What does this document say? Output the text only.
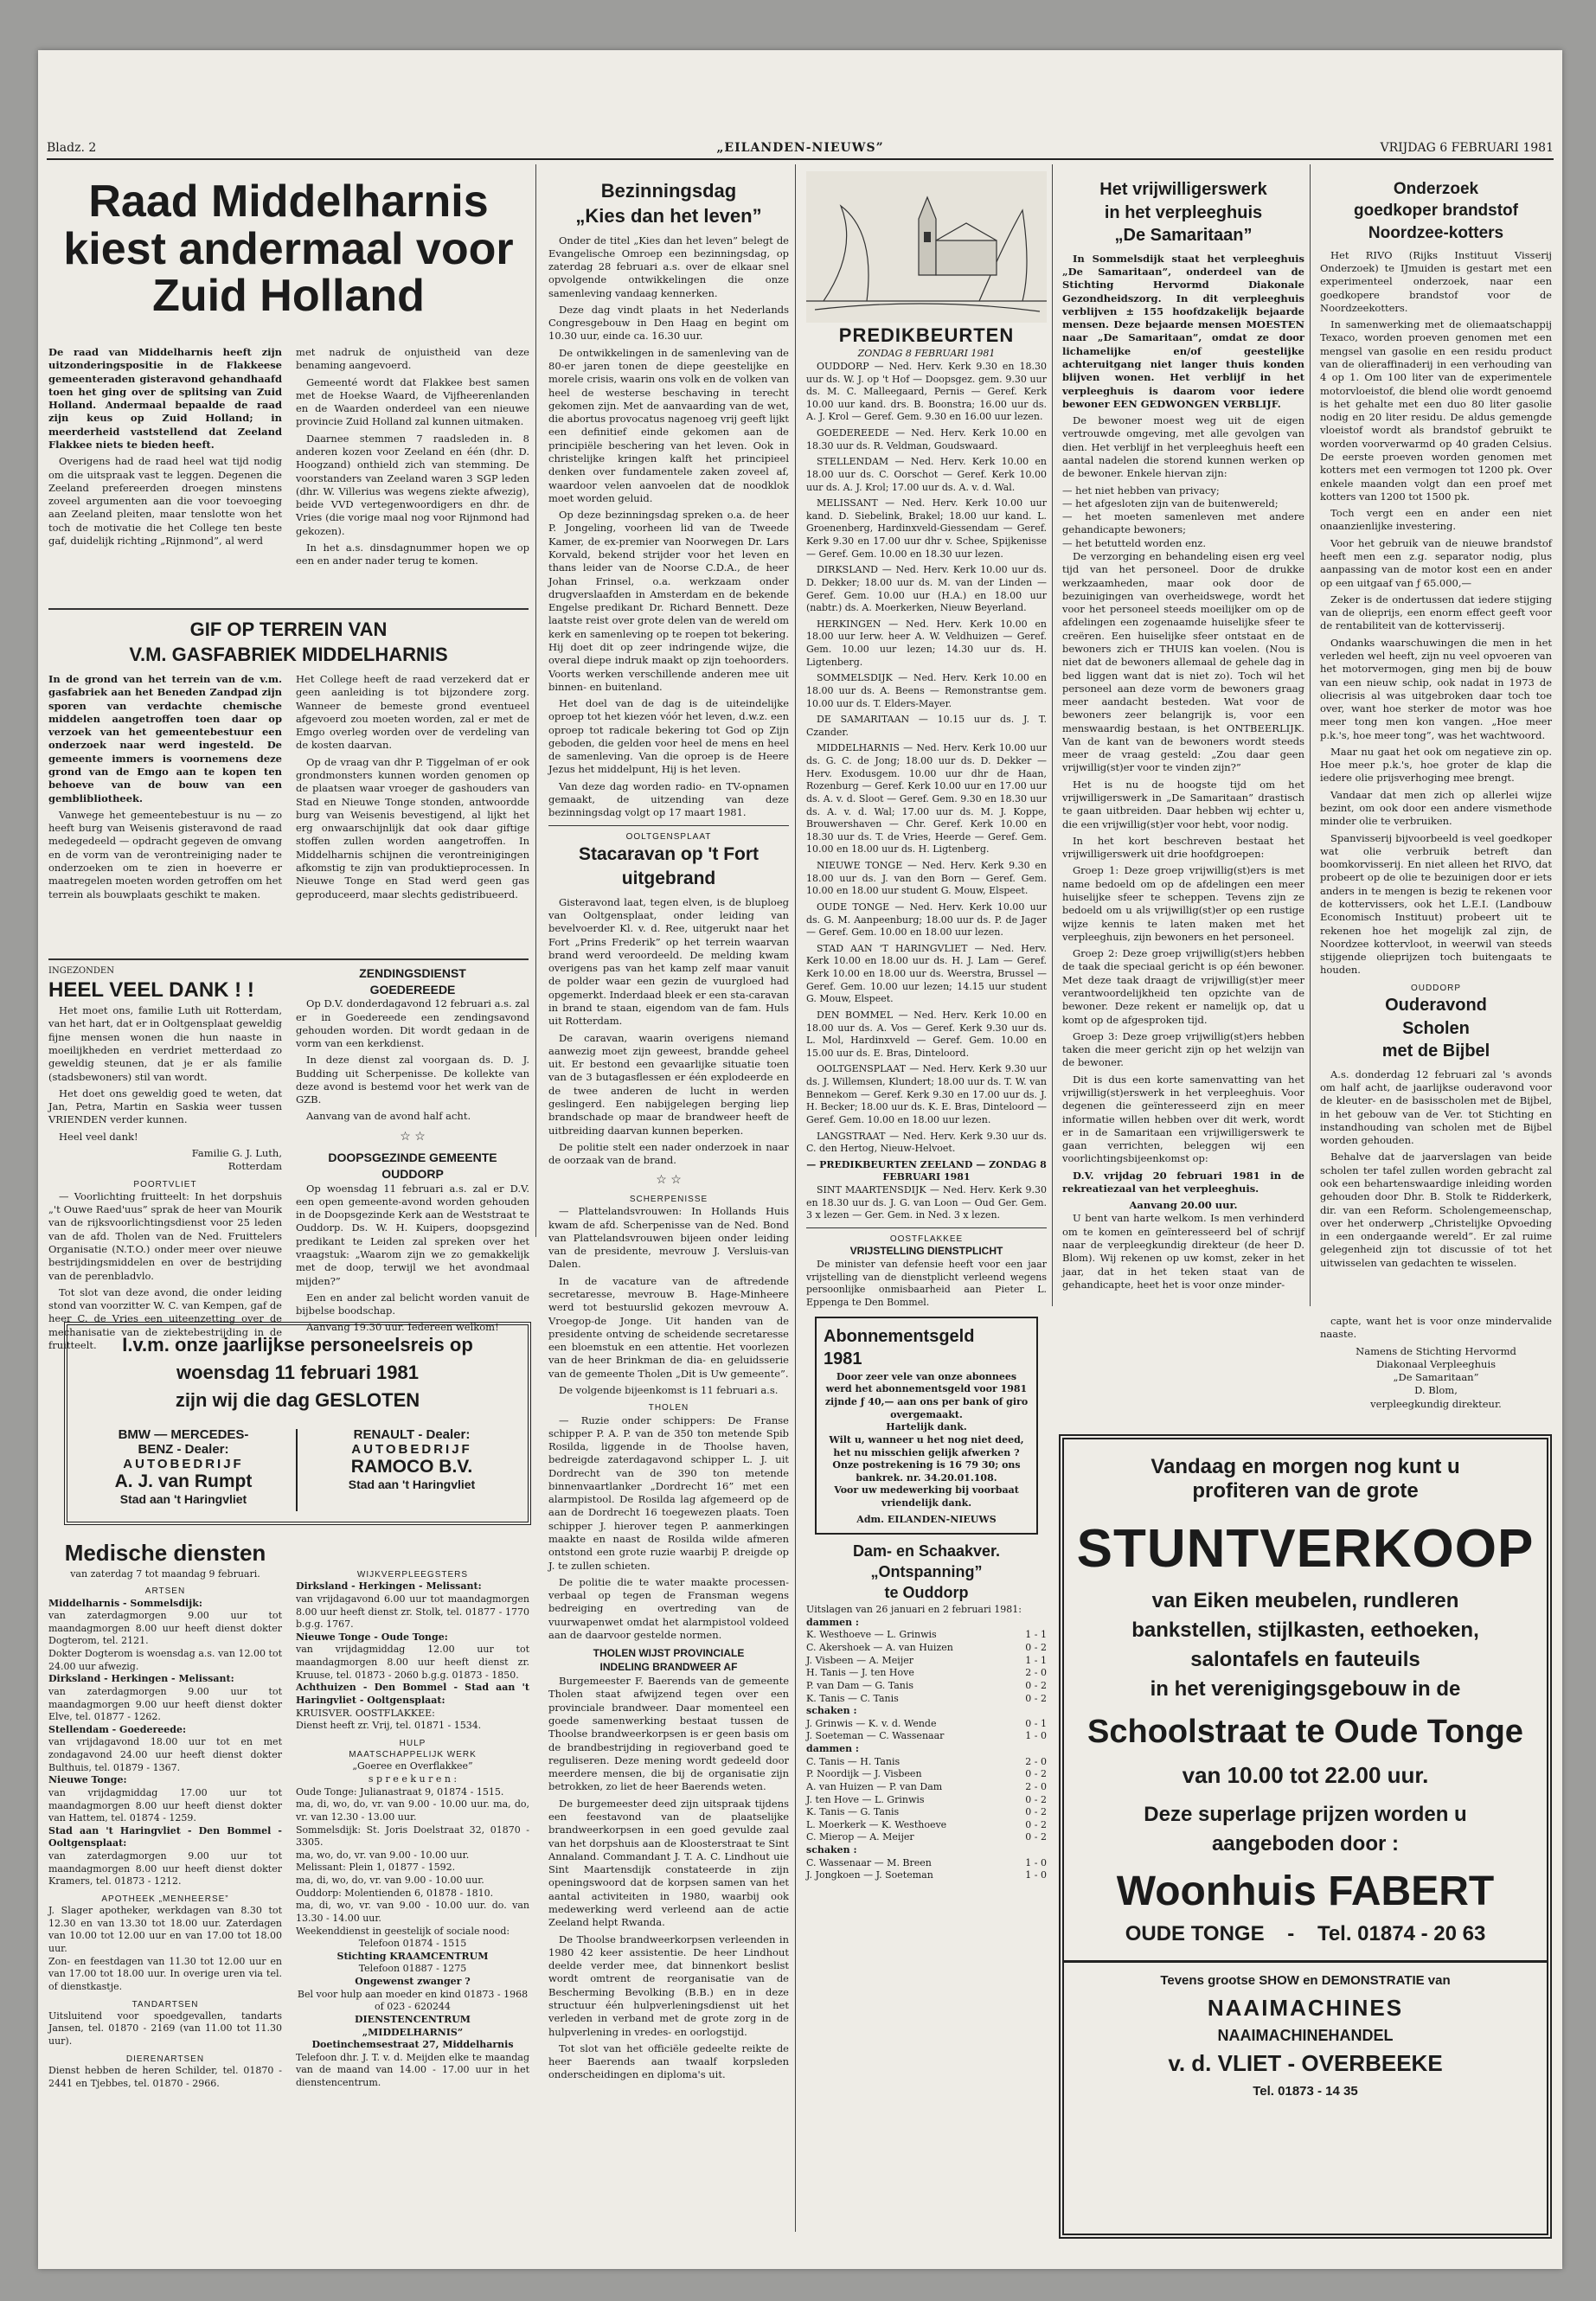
Bladz. 2	„EILANDEN-NIEUWS”	VRIJDAG 6 FEBRUARI 1981
Raad Middelharnis
kiest andermaal voor
Zuid Holland

De raad van Middelharnis heeft zijn uitzonderingspositie in de Flakkeese gemeenteraden gisteravond gehandhaafd toen het ging over de splitsing van Zuid Holland. Andermaal bepaalde de raad zijn keus op Zuid Holland; in meerderheid vaststellend dat Zeeland Flakkee niets te bieden heeft.

Overigens had de raad heel wat tijd nodig om die uitspraak vast te leggen. Degenen die Zeeland prefereerden droegen minstens zoveel argumenten aan die voor toevoeging aan Zeeland pleiten, maar tenslotte won het toch de motivatie die het College ten beste gaf, duidelijk richting „Rijnmond”, al werd

met nadruk de onjuistheid van deze benaming aangevoerd.

Gemeenté wordt dat Flakkee best samen met de Hoekse Waard, de Vijfheerenlanden en de Waarden onderdeel van een nieuwe provincie Zuid Holland zal kunnen uitmaken.

Daarnee stemmen 7 raadsleden in. 8 anderen kozen voor Zeeland en één (dhr. D. Hoogzand) onthield zich van stemming. De voorstanders van Zeeland waren 3 SGP leden (dhr. W. Villerius was wegens ziekte afwezig), beide VVD vertegenwoordigers en dhr. de Vries (die vorige maal nog voor Rijnmond had gekozen).

In het a.s. dinsdagnummer hopen we op een en ander nader terug te komen.

GIF OP TERREIN VAN
V.M. GASFABRIEK MIDDELHARNIS

In de grond van het terrein van de v.m. gasfabriek aan het Beneden Zandpad zijn sporen van verdachte chemische middelen aangetroffen toen daar op verzoek van het gemeentebestuur een onderzoek naar werd ingesteld. De gemeente immers is voornemens deze grond van de Emgo aan te kopen ten behoeve van de bouw van een gemblibliotheek.

Vanwege het gemeentebestuur is nu — zo heeft burg van Weisenis gisteravond de raad medegedeeld — opdracht gegeven de omvang en de vorm van de verontreiniging nader te onderzoeken om te zien in hoeverre er maatregelen moeten worden getroffen om het terrein als bouwplaats geschikt te maken.

Het College heeft de raad verzekerd dat er geen aanleiding is tot bijzondere zorg. Wanneer de bemeste grond eventueel afgevoerd zou moeten worden, zal er met de Emgo overleg worden over de verdeling van de kosten daarvan.

Op de vraag van dhr P. Tiggelman of er ook grondmonsters kunnen worden genomen op de plaatsen waar vroeger de gashouders van Stad en Nieuwe Tonge stonden, antwoordde burg van Weisenis bevestigend, al lijkt het erg onwaarschijnlijk dat ook daar giftige stoffen zullen worden aangetroffen. In Middelharnis schijnen die verontreinigingen afkomstig te zijn van produktieprocessen. In Nieuwe Tonge en Stad werd geen gas geproduceerd, maar slechts gedistribueerd.

INGEZONDEN
HEEL VEEL DANK ! !

Het moet ons, familie Luth uit Rotterdam, van het hart, dat er in Ooltgensplaat geweldig fijne mensen wonen die hun naaste in moeilijkheden en verdriet metterdaad zo geweldig steunen, dat je er als familie (stadsbewoners) stil van wordt.

Het doet ons geweldig goed te weten, dat Jan, Petra, Martin en Saskia weer tussen VRIENDEN verder kunnen.

Heel veel dank!

Familie G. J. Luth,
Rotterdam
POORTVLIET

— Voorlichting fruitteelt: In het dorpshuis „'t Ouwe Raed'uus” sprak de heer van Mourik van de rijksvoorlichtingsdienst voor 25 leden van de afd. Tholen van de Ned. Fruittelers Organisatie (N.T.O.) onder meer over nieuwe bestrijdingsmiddelen en over de bestrijding van de perenbladvlo.

Tot slot van deze avond, die onder leiding stond van voorzitter W. C. van Kempen, gaf de heer C. de Vries een uiteenzetting over de mechanisatie van de ziektebestrijding in de fruitteelt.

ZENDINGSDIENST
GOEDEREEDE

Op D.V. donderdagavond 12 februari a.s. zal er in Goedereede een zendingsavond gehouden worden. Dit wordt gedaan in de vorm van een kerkdienst.

In deze dienst zal voorgaan ds. D. J. Budding uit Scherpenisse. De kollekte van deze avond is bestemd voor het werk van de GZB.

Aanvang van de avond half acht.

☆ ☆
DOOPSGEZINDE GEMEENTE
OUDDORP

Op woensdag 11 februari a.s. zal er D.V. een open gemeente-avond worden gehouden in de Doopsgezinde Kerk aan de Weststraat te Ouddorp. Ds. W. H. Kuipers, doopsgezind predikant te Leiden zal spreken over het vraagstuk: „Waarom zijn we zo gemakkelijk met de doop, terwijl we het avondmaal mijden?”

Een en ander zal belicht worden vanuit de bijbelse boodschap.

Aanvang 19.30 uur. Iedereen welkom!

I.v.m. onze jaarlijkse personeelsreis op
woensdag 11 februari 1981
zijn wij die dag GESLOTEN
BMW — MERCEDES-
BENZ - Dealer:
AUTOBEDRIJF
A. J. van Rumpt
Stad aan 't Haringvliet
RENAULT - Dealer:
AUTOBEDRIJF
RAMOCO B.V.
Stad aan 't Haringvliet
Medische diensten
van zaterdag 7 tot maandag 9 februari.
ARTSEN
Middelharnis - Sommelsdijk:
van zaterdagmorgen 9.00 uur tot maandagmorgen 8.00 uur heeft dienst dokter Dogterom, tel. 2121.
Dokter Dogterom is woensdag a.s. van 12.00 tot 24.00 uur afwezig.
Dirksland - Herkingen - Melissant:
van zaterdagmorgen 9.00 uur tot maandagmorgen 9.00 uur heeft dienst dokter Elve, tel. 01877 - 1262.
Stellendam - Goedereede:
van vrijdagavond 18.00 uur tot en met zondagavond 24.00 uur heeft dienst dokter Bulthuis, tel. 01879 - 1367.
Nieuwe Tonge:
van vrijdagmiddag 17.00 uur tot maandagmorgen 8.00 uur heeft dienst dokter van Hattem, tel. 01874 - 1259.
Stad aan 't Haringvliet - Den Bommel - Ooltgensplaat:
van zaterdagmorgen 9.00 uur tot maandagmorgen 8.00 uur heeft dienst dokter Kramers, tel. 01873 - 1212.
APOTHEEK „MENHEERSE”
J. Slager apotheker, werkdagen van 8.30 tot 12.30 en van 13.30 tot 18.00 uur. Zaterdagen van 10.00 tot 12.00 uur en van 17.00 tot 18.00 uur.
Zon- en feestdagen van 11.30 tot 12.00 uur en van 17.00 tot 18.00 uur. In overige uren via tel. of dienstkastje.
TANDARTSEN
Uitsluitend voor spoedgevallen, tandarts Jansen, tel. 01870 - 2169 (van 11.00 tot 11.30 uur).
DIERENARTSEN
Dienst hebben de heren Schilder, tel. 01870 - 2441 en Tjebbes, tel. 01870 - 2966.
WIJKVERPLEEGSTERS
Dirksland - Herkingen - Melissant:
van vrijdagavond 6.00 uur tot maandagmorgen 8.00 uur heeft dienst zr. Stolk, tel. 01877 - 1770 b.g.g. 1767.
Nieuwe Tonge - Oude Tonge:
van vrijdagmiddag 12.00 uur tot maandagmorgen 8.00 uur heeft dienst zr. Kruuse, tel. 01873 - 2060 b.g.g. 01873 - 1850.
Achthuizen - Den Bommel - Stad aan 't Haringvliet - Ooltgensplaat:
KRUISVER. OOSTFLAKKEE:
Dienst heeft zr. Vrij, tel. 01871 - 1534.
HULP
MAATSCHAPPELIJK WERK
„Goeree en Overflakkee”
s p r e e k u r e n :
Oude Tonge: Julianastraat 9, 01874 - 1515.
ma, di, wo, do, vr. van 9.00 - 10.00 uur. ma, do, vr. van 12.30 - 13.00 uur.
Sommelsdijk: St. Joris Doelstraat 32, 01870 - 3305.
ma, wo, do, vr. van 9.00 - 10.00 uur.
Melissant: Plein 1, 01877 - 1592.
ma, di, wo, do, vr. van 9.00 - 10.00 uur.
Ouddorp: Molentienden 6, 01878 - 1810.
ma, di, wo, vr. van 9.00 - 10.00 uur. do. van 13.30 - 14.00 uur.
Weekenddienst in geestelijk of sociale nood:
Telefoon 01874 - 1515
Stichting KRAAMCENTRUM
Telefoon 01887 - 1275
Ongewenst zwanger ?
Bel voor hulp aan moeder en kind 01873 - 1968 of 023 - 620244
DIENSTENCENTRUM
„MIDDELHARNIS”
Doetinchemsestraat 27, Middelharnis
Telefoon dhr. J. T. v. d. Meijden elke te maandag van de maand van 14.00 - 17.00 uur in het dienstencentrum.
Bezinningsdag
„Kies dan het leven”

Onder de titel „Kies dan het leven” belegt de Evangelische Omroep een bezinningsdag, op zaterdag 28 februari a.s. over de elkaar snel opvolgende ontwikkelingen die onze samenleving vandaag kennerken.

Deze dag vindt plaats in het Nederlands Congresgebouw in Den Haag en begint om 10.30 uur, einde ca. 16.30 uur.

De ontwikkelingen in de samenleving van de 80-er jaren tonen de diepe geestelijke en morele crisis, waarin ons volk en de volken van heel de westerse beschaving in terecht gekomen zijn. Met de aanvaarding van de wet, die abortus provocatus nagenoeg vrij geeft lijkt een definitief einde gekomen aan de principiële beschering van het leven. Ook in christelijke kringen kalft het principieel denken over fundamentele zaken zoveel af, waardoor velen aanvoelen dat de noodklok moet worden geluid.

Op deze bezinningsdag spreken o.a. de heer P. Jongeling, voorheen lid van de Tweede Kamer, de ex-premier van Noorwegen Dr. Lars Korvald, bekend strijder voor het leven en thans leider van de Noorse C.D.A., de heer Johan Frinsel, o.a. werkzaam onder drugverslaafden in Amsterdam en de bekende Engelse predikant Dr. Richard Bennett. Deze laatste reist over grote delen van de wereld om kerk en samenleving op te roepen tot bekering. Hij doet dit op zeer indringende wijze, die overal diepe indruk maakt op zijn toehoorders. Voorts werken verschillende anderen mee uit binnen- en buitenland.

Het doel van de dag is de uiteindelijke oproep tot het kiezen vóór het leven, d.w.z. een oproep tot radicale bekering tot God op Zijn geboden, die gelden voor heel de mens en heel de samenleving. Van die oproep is de Heere Jezus het middelpunt, Hij is het leven.

Van deze dag worden radio- en TV-opnamen gemaakt, de uitzending van deze bezinningsdag volgt op 17 maart 1981.

OOLTGENSPLAAT
Stacaravan op 't Fort
uitgebrand

Gisteravond laat, tegen elven, is de bluploeg van Ooltgensplaat, onder leiding van bevelvoerder Kl. v. d. Ree, uitgerukt naar het Fort „Prins Frederik” op het terrein waarvan brand werd veroordeeld. De melding kwam overigens pas van het kamp zelf maar vanuit de polder waar een gezin de vuurgloed had opgemerkt. Inderdaad bleek er een sta-caravan in brand te staan, eigendom van de fam. Huls uit Rotterdam.

De caravan, waarin overigens niemand aanwezig moet zijn geweest, brandde geheel uit. Er bestond een gevaarlijke situatie toen van de 3 butagasflessen er één explodeerde en de twee anderen de lucht in werden geslingerd. Een nabijgelegen berging liep brandschade op maar de brandweer heeft de uitbreiding daarvan kunnen beperken.

De politie stelt een nader onderzoek in naar de oorzaak van de brand.

☆ ☆
SCHERPENISSE

— Plattelandsvrouwen: In Hollands Huis kwam de afd. Scherpenisse van de Ned. Bond van Plattelandsvrouwen bijeen onder leiding van de presidente, mevrouw J. Versluis-van Dalen.

In de vacature van de aftredende secretaresse, mevrouw B. Hage-Minheere werd tot bestuurslid gekozen mevrouw A. Vroegop-de Jonge. Uit handen van de presidente ontving de scheidende secretaresse een bloemstuk en een attentie. Het voorlezen van de heer Brinkman de dia- en geluidsserie van de gemeente Tholen „Dit is Uw gemeente”.

De volgende bijeenkomst is 11 februari a.s.

THOLEN

— Ruzie onder schippers: De Franse schipper P. A. P. van de 350 ton metende Spib Rosilda, liggende in de Thoolse haven, bedreigde zaterdagavond schipper L. J. uit Dordrecht van de 390 ton metende binnenvaartlanker „Dordrecht 16” met een alarmpistool. De Rosilda lag afgemeerd op de aan de Dordrecht 16 toegewezen plaats. Toen schipper J. hierover tegen P. aanmerkingen maakte en naast de Rosilda wilde afmeren ontstond een grote ruzie waarbij P. dreigde op J. te zullen schieten.

De politie die te water maakte processen-verbaal op tegen de Fransman wegens bedreiging en overtreding van de vuurwapenwet omdat het alarmpistool voldeed aan de daarvoor gestelde normen.

THOLEN WIJST PROVINCIALE
INDELING BRANDWEER AF

Burgemeester F. Baerends van de gemeente Tholen staat afwijzend tegen over een provinciale brandweer. Daar momenteel een goede samenwerking bestaat tussen de Thoolse brandweerkorpsen is er geen basis om de brandbestrijding in regioverband goed te reguliseren. Deze mening wordt gedeeld door meerdere mensen, die bij de organisatie zijn betrokken, zo liet de heer Baerends weten.

De burgemeester deed zijn uitspraak tijdens een feestavond van de plaatselijke brandweerkorpsen in een goed gevulde zaal van het dorpshuis aan de Kloosterstraat te Sint Annaland. Commandant J. T. A. C. Lindhout uie Sint Maartensdijk constateerde in zijn openingswoord dat de korpsen samen van het aantal activiteiten in 1980, waarbij ook medewerking werd verleend aan de actie Zeeland helpt Rwanda.

De Thoolse brandweerkorpsen verleenden in 1980 42 keer assistentie. De heer Lindhout deelde verder mee, dat binnenkort beslist wordt omtrent de reorganisatie van de Bescherming Bevolking (B.B.) en in deze structuur één hulpverleningsdienst uit het verleden in verband met de grote zorg in de hulpverlening in vredes- en oorlogstijd.

Tot slot van het officiële gedeelte reikte de heer Baerends aan twaalf korpsleden onderscheidingen en diploma's uit.

PREDIKBEURTEN
ZONDAG 8 FEBRUARI 1981

OUDDORP — Ned. Herv. Kerk 9.30 en 18.30 uur ds. W. J. op 't Hof — Doopsgez. gem. 9.30 uur ds. M. C. Malleegaard, Pernis — Geref. Kerk 10.00 uur kand. drs. B. Boonstra; 16.00 uur ds. A. J. Krol — Geref. Gem. 9.30 en 16.00 uur lezen.

GOEDEREEDE — Ned. Herv. Kerk 10.00 en 18.30 uur ds. R. Veldman, Goudswaard.

STELLENDAM — Ned. Herv. Kerk 10.00 en 18.00 uur ds. C. Oorschot — Geref. Kerk 10.00 uur ds. A. J. Krol; 17.00 uur ds. A. v. d. Wal.

MELISSANT — Ned. Herv. Kerk 10.00 uur kand. D. Siebelink, Brakel; 18.00 uur kand. L. Groenenberg, Hardinxveld-Giessendam — Geref. Kerk 9.30 en 17.00 uur dhr v. Schee, Spijkenisse — Geref. Gem. 10.00 en 18.30 uur lezen.

DIRKSLAND — Ned. Herv. Kerk 10.00 uur ds. D. Dekker; 18.00 uur ds. M. van der Linden — Geref. Gem. 10.00 uur (H.A.) en 18.00 uur (nabtr.) ds. A. Moerkerken, Nieuw Beyerland.

HERKINGEN — Ned. Herv. Kerk 10.00 en 18.00 uur Ierw. heer A. W. Veldhuizen — Geref. Gem. 10.00 uur lezen; 14.30 uur ds. H. Ligtenberg.

SOMMELSDIJK — Ned. Herv. Kerk 10.00 en 18.00 uur ds. A. Beens — Remonstrantse gem. 10.00 uur ds. T. Elders-Mayer.

DE SAMARITAAN — 10.15 uur ds. J. T. Czander.

MIDDELHARNIS — Ned. Herv. Kerk 10.00 uur ds. G. C. de Jong; 18.00 uur ds. D. Dekker — Herv. Exodusgem. 10.00 uur dhr de Haan, Rozenburg — Geref. Kerk 10.00 uur en 17.00 uur ds. A. v. d. Sloot — Geref. Gem. 9.30 en 18.30 uur ds. A. v. d. Wal; 17.00 uur ds. M. J. Koppe, Brouwershaven — Chr. Geref. Kerk 10.00 en 18.30 uur ds. T. de Vries, Heerde — Geref. Gem. 10.00 en 18.00 uur ds. H. Ligtenberg.

NIEUWE TONGE — Ned. Herv. Kerk 9.30 en 18.00 uur ds. J. van den Born — Geref. Gem. 10.00 en 18.00 uur student G. Mouw, Elspeet.

OUDE TONGE — Ned. Herv. Kerk 10.00 uur ds. G. M. Aanpeenburg; 18.00 uur ds. P. de Jager — Geref. Gem. 10.00 en 18.00 uur lezen.

STAD AAN 'T HARINGVLIET — Ned. Herv. Kerk 10.00 en 18.00 uur ds. H. J. Lam — Geref. Kerk 10.00 en 18.00 uur ds. Weerstra, Brussel — Geref. Gem. 10.00 uur lezen; 14.15 uur student G. Mouw, Elspeet.

DEN BOMMEL — Ned. Herv. Kerk 10.00 en 18.00 uur ds. A. Vos — Geref. Kerk 9.30 uur ds. L. Mol, Hardinxveld — Geref. Gem. 10.00 en 15.00 uur ds. E. Bras, Dinteloord.

OOLTGENSPLAAT — Ned. Herv. Kerk 9.30 uur ds. J. Willemsen, Klundert; 18.00 uur ds. T. W. van Bennekom — Geref. Kerk 9.30 en 17.00 uur ds. J. H. Becker; 18.00 uur ds. K. E. Bras, Dinteloord — Geref. Gem. 10.00 en 18.00 uur lezen.

LANGSTRAAT — Ned. Herv. Kerk 9.30 uur ds. C. den Hertog, Nieuw-Helvoet.

— PREDIKBEURTEN ZEELAND — ZONDAG 8 FEBRUARI 1981

SINT MAARTENSDIJK — Ned. Herv. Kerk 9.30 en 18.30 uur ds. J. G. van Loon — Oud Ger. Gem. 3 x lezen — Ger. Gem. in Ned. 3 x lezen.

OOSTFLAKKEE
VRIJSTELLING DIENSTPLICHT

De minister van defensie heeft voor een jaar vrijstelling van de dienstplicht verleend wegens persoonlijke onmisbaarheid aan Pieter L. Eppenga te Den Bommel.

Abonnementsgeld
1981
Door zeer vele van onze abonnees werd het abonnementsgeld voor 1981 zijnde ƒ 40,— aan ons per bank of giro overgemaakt.
Hartelijk dank.
Wilt u, wanneer u het nog niet deed, het nu misschien gelijk afwerken ?
Onze postrekening is 16 79 30; ons bankrek. nr. 34.20.01.108.
Voor uw medewerking bij voorbaat vriendelijk dank.
Adm. EILANDEN-NIEUWS
Dam- en Schaakver.
„Ontspanning”
te Ouddorp
Uitslagen van 26 januari en 2 februari 1981:
dammen :
K. Westhoeve — L. Grinwis	1 - 1
C. Akershoek — A. van Huizen	0 - 2
J. Visbeen — A. Meijer	1 - 1
H. Tanis — J. ten Hove	2 - 0
P. van Dam — G. Tanis	0 - 2
K. Tanis — C. Tanis	0 - 2
schaken :
J. Grinwis — K. v. d. Wende	0 - 1
J. Soeteman — C. Wassenaar	1 - 0
dammen :
C. Tanis — H. Tanis	2 - 0
P. Noordijk — J. Visbeen	0 - 2
A. van Huizen — P. van Dam	2 - 0
J. ten Hove — L. Grinwis	0 - 2
K. Tanis — G. Tanis	0 - 2
L. Moerkerk — K. Westhoeve	0 - 2
C. Mierop — A. Meijer	0 - 2
schaken :
C. Wassenaar — M. Breen	1 - 0
J. Jongkoen — J. Soeteman	1 - 0
Het vrijwilligerswerk
in het verpleeghuis
„De Samaritaan”

In Sommelsdijk staat het verpleeghuis „De Samaritaan”, onderdeel van de Stichting Hervormd Diakonale Gezondheidszorg. In dit verpleeghuis verblijven ± 155 hoofdzakelijk bejaarde mensen. Deze bejaarde mensen MOESTEN naar „De Samaritaan”, omdat ze door lichamelijke en/of geestelijke achteruitgang niet langer thuis konden blijven wonen. Het verblijf in het verpleeghuis is daarom voor iedere bewoner EEN GEDWONGEN VERBLIJF.

De bewoner moest weg uit de eigen vertrouwde omgeving, met alle gevolgen van dien. Het verblijf in het verpleeghuis heeft een aantal nadelen die storend kunnen werken op de bewoner. Enkele hiervan zijn:

— het niet hebben van privacy;
— het afgesloten zijn van de buitenwereld;
— het moeten samenleven met andere gehandicapte bewoners;
— het betutteld worden enz.

De verzorging en behandeling eisen erg veel tijd van het personeel. Door de drukke werkzaamheden, maar ook door de bezuinigingen van overheidswege, wordt het voor het personeel steeds moeilijker om op de afdelingen een zogenaamde huiselijke sfeer te creëren. Een huiselijke sfeer ontstaat en de bewoners zich er THUIS kan voelen. (Nou is niet dat de bewoners allemaal de gehele dag in bed liggen want dat is niet zo). Toch wil het personeel aan deze vorm de bewoners graag meer aandacht besteden. Wat voor de bewoners zeer belangrijk is, voor een menswaardig bestaan, is het ONTBEERLIJK. Van de kant van de bewoners wordt steeds meer de vraag gesteld: „Zou daar geen vrijwillig(st)er voor te vinden zijn?”

Het is nu de hoogste tijd om het vrijwilligerswerk in „De Samaritaan” drastisch te gaan uitbreiden. Daar hebben wij echter u, die een vrijwillig(st)er voor hebt, voor nodig.

In het kort beschreven bestaat het vrijwilligerswerk uit drie hoofdgroepen:

Groep 1: Deze groep vrijwillig(st)ers is met name bedoeld om op de afdelingen een meer huiselijke sfeer te scheppen. Tevens zijn ze bedoeld om u als vrijwillig(st)er op een rustige wijze kennis te laten maken met het verpleeghuis, zijn bewoners en het personeel.

Groep 2: Deze groep vrijwillig(st)ers hebben de taak die speciaal gericht is op één bewoner. Met deze taak draagt de vrijwillig(st)er meer verantwoordelijkheid ten opzichte van de bewoner. Deze rekent er namelijk op, dat u komt op de afgesproken tijd.

Groep 3: Deze groep vrijwillig(st)ers hebben taken die meer gericht zijn op het welzijn van de bewoner.

Dit is dus een korte samenvatting van het vrijwillig(st)erswerk in het verpleeghuis. Voor degenen die geïnteresseerd zijn en meer informatie willen hebben over dit werk, wordt er in de Samaritaan een vrijwilligerswerk te gaan verrichten, beleggen wij een voorlichtingsbijeenkomst op:

D.V. vrijdag 20 februari 1981 in de rekreatiezaal van het verpleeghuis.

Aanvang 20.00 uur.

U bent van harte welkom. Is men verhinderd om te komen en geïnteresseerd bel of schrijf naar de verpleegkundig direkteur (de heer D. Blom). Wij rekenen op uw komst, zeker in het jaar, dat in het teken staat van de gehandicapte, heet het is voor onze minder-

Onderzoek
goedkoper brandstof
Noordzee-kotters

Het RIVO (Rijks Instituut Visserij Onderzoek) te IJmuiden is gestart met een experimenteel onderzoek, naar een goedkopere brandstof voor de Noordzeekotters.

In samenwerking met de oliemaatschappij Texaco, worden proeven genomen met een mengsel van gasolie en een residu product van de olieraffinaderij in een verhouding van 4 op 1. Om 100 liter van de experimentele motorvloeistof, die blend olie wordt genoemd is het gehalte met een duo 80 liter gasolie nodig en 20 liter residu. De aldus gemengde vloeistof wordt als brandstof gebruikt te worden voorverwarmd op 40 graden Celsius. De eerste proeven worden genomen met kotters met een vermogen tot 1200 pk. Over enkele maanden volgt dan een proef met kotters van 1200 tot 1500 pk.

Toch vergt een en ander een niet onaanzienlijke investering.

Voor het gebruik van de nieuwe brandstof heeft men een z.g. separator nodig, plus aanpassing van de motor kost een en ander op een uitgaaf van ƒ 65.000,—

Zeker is de ondertussen dat iedere stijging van de olieprijs, een enorm effect geeft voor de rentabiliteit van de kottervisserij.

Ondanks waarschuwingen die men in het verleden wel heeft, zijn nu veel opvoeren van het motorvermogen, ging men bij de bouw van een nieuw schip, ook nadat in 1973 de oliecrisis al was uitgebroken daar toch toe over, want hoe sterker de motor was hoe meer tong men kon vangen. „Hoe meer p.k.'s, hoe meer tong”, was het wachtwoord.

Maar nu gaat het ook om negatieve zin op. Hoe meer p.k.'s, hoe groter de klap die iedere olie prijsverhoging mee brengt.

Vandaar dat men zich op allerlei wijze bezint, om ook door een andere vismethode minder olie te verbruiken.

Spanvisserij bijvoorbeeld is veel goedkoper wat olie verbruik betreft dan boomkorvisserij. En niet alleen het RIVO, dat probeert op de olie te bezuinigen door er iets anders in te mengen is bezig te rekenen voor de kottervissers, ook het L.E.I. (Landbouw Economisch Instituut) probeert uit te rekenen hoe het mogelijk zal zijn, de Noordzee kottervloot, in weerwil van steeds stijgende olieprijzen toch buitengaats te houden.

OUDDORP
Ouderavond
Scholen
met de Bijbel

A.s. donderdag 12 februari zal 's avonds om half acht, de jaarlijkse ouderavond voor de kleuter- en de basisscholen met de Bijbel, in het gebouw van de Ver. tot Stichting en instandhouding van scholen met de Bijbel worden gehouden.

Behalve dat de jaarverslagen van beide scholen ter tafel zullen worden gebracht zal ook een behartenswaardige inleiding worden gehouden door Dhr. B. Stolk te Ridderkerk, dir. van een Reform. Scholengemeenschap, over het onderwerp „Christelijke Opvoeding in een ondergaande wereld”. Er zal ruime gelegenheid zijn tot discussie of tot het uitwisselen van gedachten te wisselen.

capte, want het is voor onze mindervalide naaste.

Namens de Stichting Hervormd
Diakonaal Verpleeghuis
„De Samaritaan”
D. Blom,
verpleegkundig direkteur.
Vandaag en morgen nog kunt u
profiteren van de grote
STUNTVERKOOP
van Eiken meubelen, rundleren
bankstellen, stijlkasten, eethoeken,
salontafels en fauteuils
in het verenigingsgebouw in de
Schoolstraat te Oude Tonge
van 10.00 tot 22.00 uur.
Deze superlage prijzen worden u
aangeboden door :
Woonhuis FABERT
OUDE TONGE - Tel. 01874 - 20 63
Tevens grootse SHOW en DEMONSTRATIE van
NAAIMACHINES
NAAIMACHINEHANDEL
v. d. VLIET - OVERBEEKE
Tel. 01873 - 14 35
